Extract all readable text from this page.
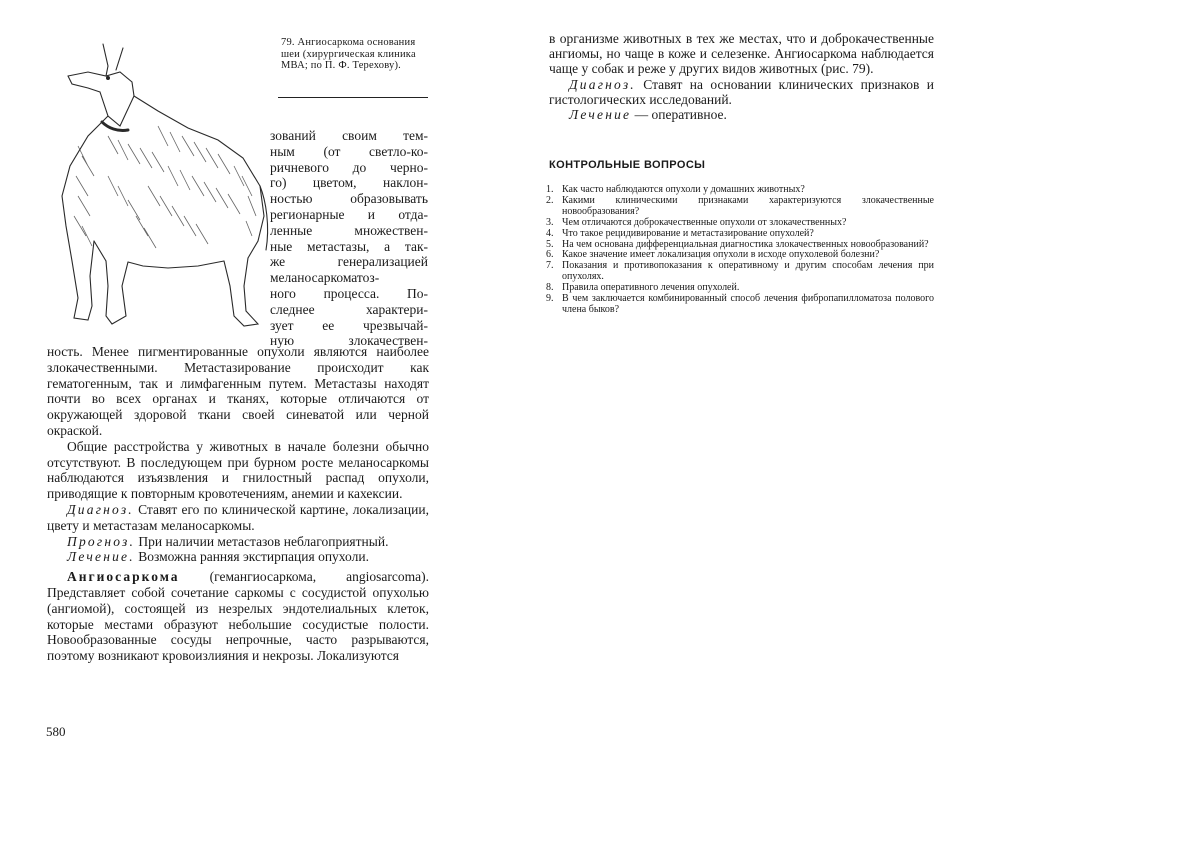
79. Ангиосаркома основания шеи (хирургическая клиника МВА; по П. Ф. Терехову).
зований своим тем-
ным (от светло-ко-
ричневого до черно-
го) цветом, наклон-
ностью образовывать
регионарные и отда-
ленные множествен-
ные метастазы, а так-
же генерализацией
меланосаркоматоз-
ного процесса. По-
следнее характери-
зует ее чрезвычай-
ную злокачествен-

ность. Менее пигментированные опухоли являются наиболее злокачественными. Метастазирование происходит как гематогенным, так и лимфагенным путем. Метастазы находят почти во всех органах и тканях, которые отличаются от окружающей здоровой ткани своей синеватой или черной окраской.

Общие расстройства у животных в начале болезни обычно отсутствуют. В последующем при бурном росте меланосаркомы наблюдаются изъязвления и гнилостный распад опухоли, приводящие к повторным кровотечениям, анемии и кахексии.

Диагноз. Ставят его по клинической картине, локализации, цвету и метастазам меланосаркомы.

Прогноз. При наличии метастазов неблагоприятный.

Лечение. Возможна ранняя экстирпация опухоли.

Ангиосаркома (гемангиосаркома, angiosarcoma). Представляет собой сочетание саркомы с сосудистой опухолью (ангиомой), состоящей из незрелых эндотелиальных клеток, которые местами образуют небольшие сосудистые полости. Новообразованные сосуды непрочные, часто разрываются, поэтому возникают кровоизлияния и некрозы. Локализуются

580

в организме животных в тех же местах, что и доброкачественные ангиомы, но чаще в коже и селезенке. Ангиосаркома наблюдается чаще у собак и реже у других видов животных (рис. 79).

Диагноз. Ставят на основании клинических признаков и гистологических исследований.

Лечение — оперативное.

КОНТРОЛЬНЫЕ ВОПРОСЫ
1. Как часто наблюдаются опухоли у домашних животных?
2. Какими клиническими признаками характеризуются злокачественные новообразования?
3. Чем отличаются доброкачественные опухоли от злокачественных?
4. Что такое рецидивирование и метастазирование опухолей?
5. На чем основана дифференциальная диагностика злокачественных новообразований?
6. Какое значение имеет локализация опухоли в исходе опухолевой болезни?
7. Показания и противопоказания к оперативному и другим способам лечения при опухолях.
8. Правила оперативного лечения опухолей.
9. В чем заключается комбинированный способ лечения фибропапилломатоза полового члена быков?
